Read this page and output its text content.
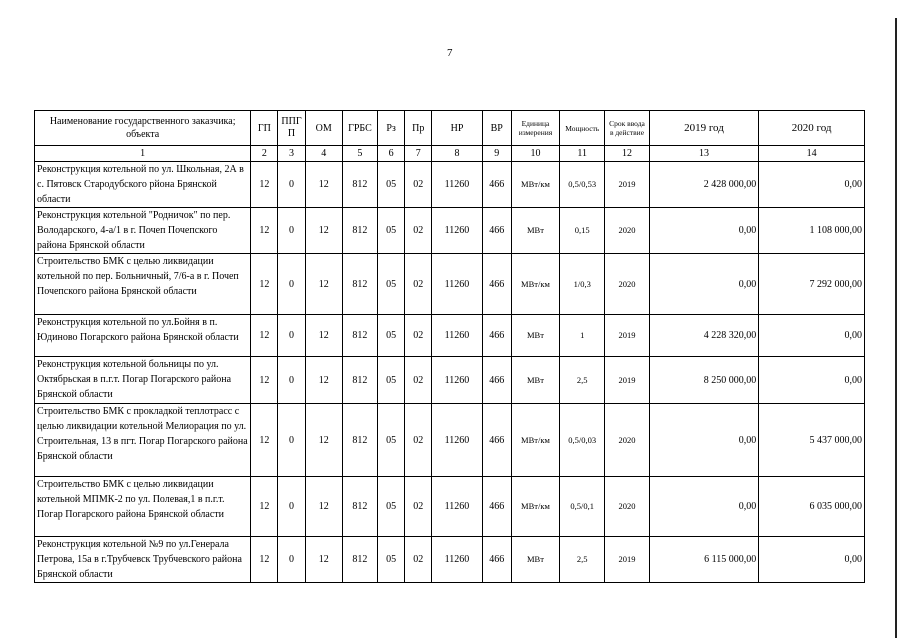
7
Наименование государственного заказчика; объекта	ГП	ППГ П	ОМ	ГРБС	Рз	Пр	НР	ВР	Единица измерения	Мощность	Срок ввода в действие	2019 год	2020 год
1	2	3	4	5	6	7	8	9	10	11	12	13	14
Реконструкция котельной по ул. Школьная, 2А в с. Пятовск Стародубского рйона Брянской области	12	0	12	812	05	02	11260	466	МВт/км	0,5/0,53	2019	2 428 000,00	0,00
Реконструкция котельной "Родничок" по пер. Володарского, 4-а/1 в г. Почеп Почепского района Брянской области	12	0	12	812	05	02	11260	466	МВт	0,15	2020	0,00	1 108 000,00
Строительство БМК с целью ликвидации котельной по пер. Больничный, 7/6-а в г. Почеп Почепского района Брянской области	12	0	12	812	05	02	11260	466	МВт/км	1/0,3	2020	0,00	7 292 000,00
Реконструкция котельной по ул.Бойня в п. Юдиново Погарского района Брянской области	12	0	12	812	05	02	11260	466	МВт	1	2019	4 228 320,00	0,00
Реконструкция котельной больницы по ул. Октябрьская в п.г.т. Погар Погарского района Брянской области	12	0	12	812	05	02	11260	466	МВт	2,5	2019	8 250 000,00	0,00
Строительство БМК с прокладкой теплотрасс с целью ликвидации котельной Мелиорация по ул. Строительная, 13 в пгт. Погар Погарского района Брянской области	12	0	12	812	05	02	11260	466	МВт/км	0,5/0,03	2020	0,00	5 437 000,00
Строительство БМК с целью ликвидации котельной МПМК-2 по ул. Полевая,1 в п.г.т. Погар Погарского района Брянской области	12	0	12	812	05	02	11260	466	МВт/км	0,5/0,1	2020	0,00	6 035 000,00
Реконструкция котельной №9 по ул.Генерала Петрова, 15а в г.Трубчевск Трубчевского района Брянской области	12	0	12	812	05	02	11260	466	МВт	2,5	2019	6 115 000,00	0,00
